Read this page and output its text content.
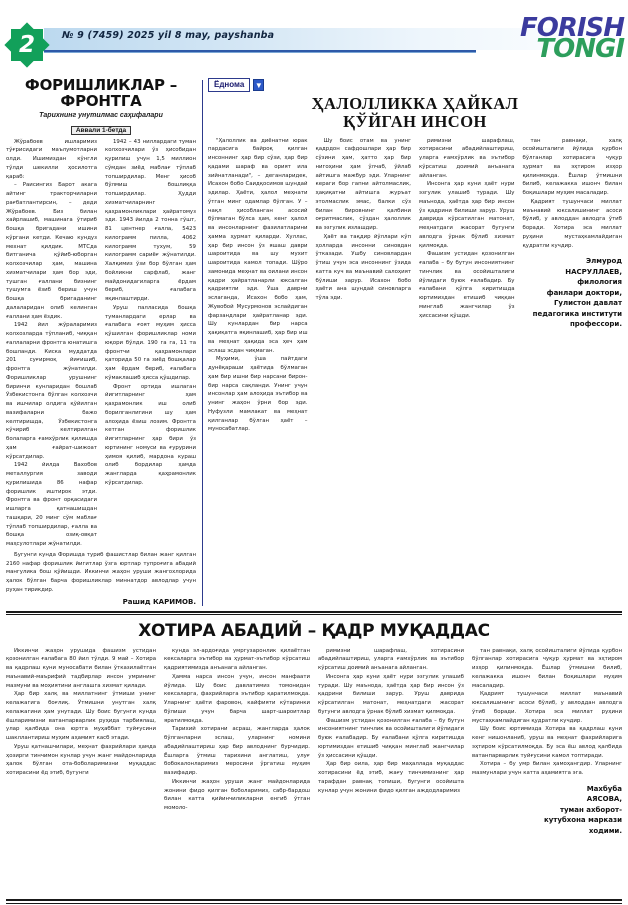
2	№ 9 (7459) 2025 yil 8 may, payshanba	FORISH
TONGI
ФОРИШЛИКЛАР –
ФРОНТГА
Тарихнинг унутилмас саҳифалари
Аввали 1-бетда

Жўрабоев ишларимиз тўғрисидаги маълумотларни олди. Ишимиздан кўнгли тўлди шекилли ҳосилотга қараб:

– Раисингиз Барот акага айтинг тракторчиларни рағбатлантирсин, – деди Жўрабоев. Биз билан хайрлашиб, машинага ўтириб бошқа бригадани ишини кўргани кетди. Кечаю кундуз мехнат қилдик. МТСда битганича қўйиб-юборган колхозчилар ҳам, машина хизматчилари ҳам бор эди, тушган ғаллани бизнинг тушумга ёзиб бериш учун бошқа бригаданинг далаларидан олиб келинган ғаллани ҳам ёздик.

1942 йил жўраларимиз колхозларда тўпланиб, чиққан ғаллаларни фронтга юнатишга бошланди. Киска муддатда 201 суғирмоқ йиғишиб, фронтга жўнатилди. Форишликлар урушнинг биринчи кунларидан бошлаб Ўзбекистонга бўлган колхозчи ва ишчилар олдига қўйилган вазифаларни бажо келтиришда, Ўзбекистонга кўчириб келтирилган болаларга ғамхўрлик қилишда ҳам ғайрат-шижоат кўрсатдилар.

1942 йилда Вахобов металлургия заводи қурилишида 86 нафар форишлик иштирок этди. Фронтга ва фронт орқасидаги ишларга қатнашишдан ташқари, 20 минг сўм маблағ тўплаб топширдилар, ғалла ва бошқа озиқ-овқат маҳсулотлари жўнатилди.

1942 – 43 ниллардаги туман колхозчилари ўз ҳисобидан қурилиш учун 1,5 миллион сўмдан зиёд маблағ тўплаб топширдилар. Менг ҳисоб бўлмиш бошлиққа топширдилар. Ҳудди хизматчиларнинг қаҳрамонликлари ҳайратомуз эди. 1943 йилда 2 тонна гўшт, 81 центнер ғалла, 5423 килограмм пилла, 4062 килограмм тухум, 59 килограмм сариёғ жўнатилди. Халқимиз ўзи бор бўлган ҳам бойликни сарфлаб, жанг майдонидагиларга ёрдам бериб, ғалабага яқинлаштирди.

Уруш палласида бошқа туманлардаги ерлар ва ғалабага ғоят муҳим ҳисса қўшилган форишликлар номи юқори бўлди. 190 га га, 11 та фронтчи қаҳрамонлари қаторида 50 га зиёд бошқалар ҳам ёрдам бериб, ғалабага кўмаклашиб ҳисса қўшдилар.

Фронт ортида ишлаган йигитларнинг ҳам қаҳрамонлик иш олиб борилганлигини шу ҳам алоҳида ёзиш лозим. Фронтга кетган форишлик йигитларнинг ҳар бири ўз юртининг номуси ва ғурурини ҳимоя қилиб, мардона кураш олиб бордилар ҳамда жангларда қаҳрамонлик кўрсатдилар.

Бугунги кунда Форишда туриб фашистлар билан жанг қилган 2160 нафар форишлик йигитлар ўзга юртлар тупроғига абадий мангулика бош қўйишди. Иккинчи жаҳон уруши жангохлорида ҳалок бўлган барча форишликлар миннатдор авлодлар учун руҳан тирикдир.

Рашид КАРИМОВ.
Ёднома	▼
ҲАЛОЛЛИККА ҲАЙКАЛ
ҚЎЙГАН ИНСОН

"Ҳалоллик ва диёнатни юрак пардасига байроқ қилган инсоннинг ҳар бир сўзи, ҳар бир қадами шараф ва орият ила зийнатланади", – деганларидек, Исахон бобо Саидқосимов шундай эдилар. Ҳаёти, ҳалол меҳнати ўтган минг одамлар бўлган. У – нақл ҳисобланган асосий бўлмаган бўлса ҳам, кенг ҳалол ва инсонларнинг фазилатларини ҳамма ҳурмат қиларди. Хуллас, ҳар бир инсон ўз яшаш даври шароитида ва шу мухит шароитида камол топади. Шўро замонида меҳнат ва оилани инсон қадри ҳайратланарли юксалган қадриятли эди. Ўша даврни эслаганда, Исахон бобо ҳам, Жувобой Мусурмонов эслайдиган фарзандлари ҳайратланар эди. Шу кунлардан бир нарса ҳақиқатга яқинлашиб, ҳар бир иш ва меҳнат ҳақида эса ҳеч ҳам эслаш эсдан чиқмаган.

Муҳими, ўша пайтдаги дунёқараши ҳаётида бўлмаган ҳам бир ишни бир нарсани бирон-бир нарса сақланди. Унинг учун инсонлар ҳам алоҳида эътибор ва унинг жаҳон ўрни бор эди. Нуфузли мамлакат ва меҳнат қилганлар бўлган ҳаёт – муносабатлар.

Шу боис отам ва унинг қадрдон сафдошлари ҳар бир сўзини ҳам, ҳатто ҳар бир нигоҳини ҳам ўлчаб, ўйлаб айтишга мажбур эди. Уларнинг кераги бор гапни айтолмаслик, ҳақиқатни айтишга журъат этолмаслик эмас, балки сўз билан бировнинг қалбини оғритмаслик, сўздан ҳалоллик ва эзгулик излашдир.

Ҳаёт ва тақдир йўллари кўп ҳолларда инсонни синовдан ўтказади. Ушбу синовлардан ўтиш учун эса инсоннинг ўзида катта куч ва маънавий салоҳият бўлиши зарур. Исахон бобо ҳаёти ана шундай синовларга тўла эди.

римизни шарафлаш, хотирасини абадийлаштириш, уларга ғамхўрлик ва эътибор кўрсатиш доимий анъанага айланган.

Инсонга ҳар куни ҳаёт нури эзгулик улашиб туради. Шу маънода, ҳаётда ҳар бир инсон ўз қадрини билиши зарур. Уруш даврида кўрсатилган матонат, меҳнатдаги жасорат бугунги авлодга ўрнак бўлиб хизмат қилмоқда.

Фашизм устидан қозонилган ғалаба – бу бутун инсониятнинг тинчлик ва осойишталиги йўлидаги буюк ғалабадир. Бу ғалабани қўлга киритишда юртимиздан етишиб чиққан минглаб жангчилар ўз ҳиссасини қўшди.

тан равнақи, халқ осойишталиги йўлида қурбон бўлганлар хотирасига чуқур ҳурмат ва эҳтиром изҳор қилинмоқда. Ёшлар ўтмишни билиб, келажакка ишонч билан боқишлари муҳим масаладир.

Қадрият тушунчаси миллат маънавий юксалишининг асоси бўлиб, у авлоддан авлодга ўтиб боради. Хотира эса миллат руҳини мустаҳкамлайдиган қудратли кучдир.

Элмурод
НАСРУЛЛАЕВ,
филология
фанлари доктори,
Гулистон давлат
педагогика институти
профессори.
ХОТИРА АБАДИЙ – ҚАДР МУҚАДДАС

Иккинчи жаҳон урушида фашизм устидан қозонилган ғалабага 80 йил тўлди. 9 май – Хотира ва қадрлаш куни муносабати билан ўтказилаётган маънавий-маърифий тадбирлар инсон умрининг мазмуни ва моҳиятини англашга хизмат қилади.

Ҳар бир халқ ва миллатнинг ўтмиши унинг келажагига боғлиқ. Ўтмишни унутган халқ келажагини ҳам унутади. Шу боис бугунги кунда ёшларимизни ватанпарварлик руҳида тарбиялаш, улар қалбида она юртга муҳаббат туйғусини шакллантириш муҳим аҳамият касб этади.

Уруш қатнашчилари, меҳнат фахрийлари ҳамда ҳозирги тинчимон кунлар учун жанг майдонларида ҳалок бўлган ота-боболаримизни муқаддас хотирасини ёд этиб, бугунги

кунда эл-ардоғида умргузаронлик қилаётган кексаларга эътибор ва ҳурмат-эътибор кўрсатиш қадриятимизда анъанага айланган.

Ҳамма нарса инсон учун, инсон манфаати йўлида. Шу боис давлатимиз томонидан кексаларга, фахрийларга эътибор қаратилмоқда. Уларнинг ҳаёти фаровон, кайфияти кўтаринки бўлиши учун барча шарт-шароитлар яратилмоқда.

Тарихий хотирани асраш, жангларда ҳалок бўлганларни эслаш, уларнинг номини абадийлаштириш ҳар бир авлоднинг бурчидир. Ёшларга ўтмиш тарихини англатиш, улуғ бобокалонларимиз меросини ўргатиш муҳим вазифадир.

Иккинчи жаҳон уруши жанг майдонларида жонини фидо қилган боболаримиз, сабр-бардош билан катта қийинчиликларни енгиб ўтган момоло-

римизни шарафлаш, хотирасини абадийлаштириш, уларга ғамхўрлик ва эътибор кўрсатиш доимий анъанага айланган.

Инсонга ҳар куни ҳаёт нури эзгулик улашиб туради. Шу маънода, ҳаётда ҳар бир инсон ўз қадрини билиши зарур. Уруш даврида кўрсатилган матонат, меҳнатдаги жасорат бугунги авлодга ўрнак бўлиб хизмат қилмоқда.

Фашизм устидан қозонилган ғалаба – бу бутун инсониятнинг тинчлик ва осойишталиги йўлидаги буюк ғалабадир. Бу ғалабани қўлга киритишда юртимиздан етишиб чиққан минглаб жангчилар ўз ҳиссасини қўшди.

Ҳар бир оила, ҳар бир маҳаллада муқаддас хотирасини ёд этиб, жағу тинчимизнинг ҳар тарафдан равнақ топиши, бугунги осойишта кунлар учун жонини фидо қилган аждодларимиз

тан равнақи, халқ осойишталиги йўлида қурбон бўлганлар хотирасига чуқур ҳурмат ва эҳтиром изҳор қилинмоқда. Ёшлар ўтмишни билиб, келажакка ишонч билан боқишлари муҳим масаладир.

Қадрият тушунчаси миллат маънавий юксалишининг асоси бўлиб, у авлоддан авлодга ўтиб боради. Хотира эса миллат руҳини мустаҳкамлайдиган қудратли кучдир.

Шу боис юртимизда Хотира ва қадрлаш куни кенг нишонланиб, уруш ва меҳнат фахрийларига эҳтиром кўрсатилмоқда. Бу эса ёш авлод қалбида ватанпарварлик туйғусини камол топтиради.

Хотира – бу умр билан ҳамоҳангдир. Уларнинг мазмунлари учун катта аҳамиятга эга.

Махбуба
АЯСОВА,
туман ахборот-
кутубхона маркази
ходими.
